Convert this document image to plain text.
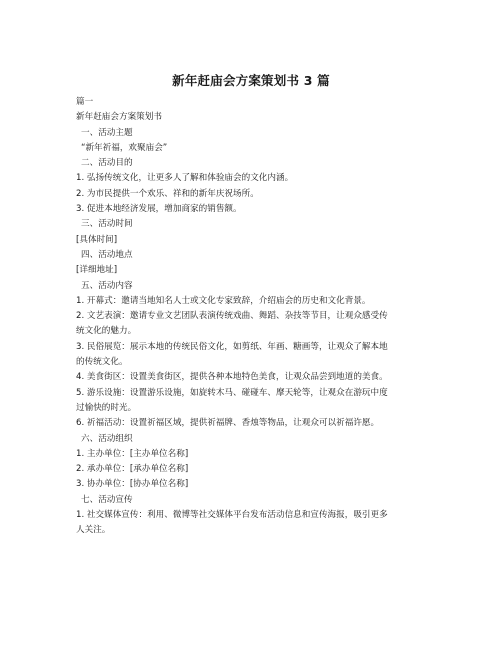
新年赶庙会方案策划书 3 篇
篇一
新年赶庙会方案策划书
一、活动主题
“新年祈福，欢聚庙会”
二、活动目的
1. 弘扬传统文化，让更多人了解和体验庙会的文化内涵。
2. 为市民提供一个欢乐、祥和的新年庆祝场所。
3. 促进本地经济发展，增加商家的销售额。
三、活动时间
[具体时间]
四、活动地点
[详细地址]
五、活动内容
1. 开幕式：邀请当地知名人士或文化专家致辞，介绍庙会的历史和文化背景。
2. 文艺表演：邀请专业文艺团队表演传统戏曲、舞蹈、杂技等节目，让观众感受传
统文化的魅力。
3. 民俗展览：展示本地的传统民俗文化，如剪纸、年画、糖画等，让观众了解本地
的传统文化。
4. 美食街区：设置美食街区，提供各种本地特色美食，让观众品尝到地道的美食。
5. 游乐设施：设置游乐设施，如旋转木马、碰碰车、摩天轮等，让观众在游玩中度
过愉快的时光。
6. 祈福活动：设置祈福区域，提供祈福牌、香烛等物品，让观众可以祈福许愿。
六、活动组织
1. 主办单位：[主办单位名称]
2. 承办单位：[承办单位名称]
3. 协办单位：[协办单位名称]
七、活动宣传
1. 社交媒体宣传：利用、微博等社交媒体平台发布活动信息和宣传海报，吸引更多
人关注。
